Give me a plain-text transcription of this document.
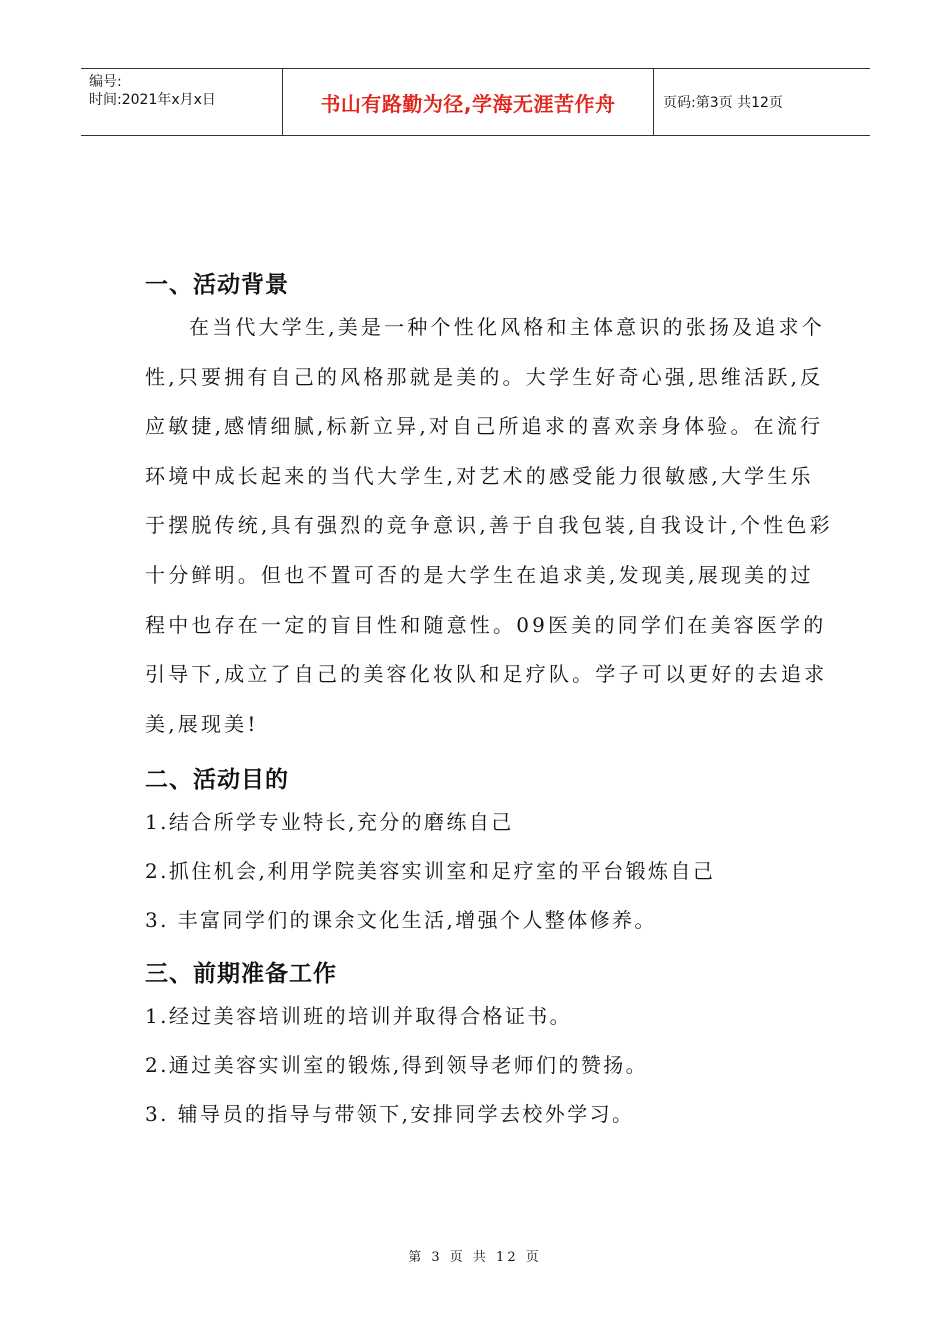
编号:
时间:2021年x月x日	书山有路勤为径,学海无涯苦作舟	页码:第3页 共12页
一、活动背景

在当代大学生,美是一种个性化风格和主体意识的张扬及追求个性,只要拥有自己的风格那就是美的。大学生好奇心强,思维活跃,反应敏捷,感情细腻,标新立异,对自己所追求的喜欢亲身体验。在流行环境中成长起来的当代大学生,对艺术的感受能力很敏感,大学生乐于摆脱传统,具有强烈的竞争意识,善于自我包装,自我设计,个性色彩十分鲜明。但也不置可否的是大学生在追求美,发现美,展现美的过程中也存在一定的盲目性和随意性。09医美的同学们在美容医学的引导下,成立了自己的美容化妆队和足疗队。学子可以更好的去追求美,展现美!

二、活动目的

1.结合所学专业特长,充分的磨练自己

2.抓住机会,利用学院美容实训室和足疗室的平台锻炼自己

3. 丰富同学们的课余文化生活,增强个人整体修养。

三、前期准备工作

1.经过美容培训班的培训并取得合格证书。

2.通过美容实训室的锻炼,得到领导老师们的赞扬。

3. 辅导员的指导与带领下,安排同学去校外学习。

第 3 页 共 12 页
